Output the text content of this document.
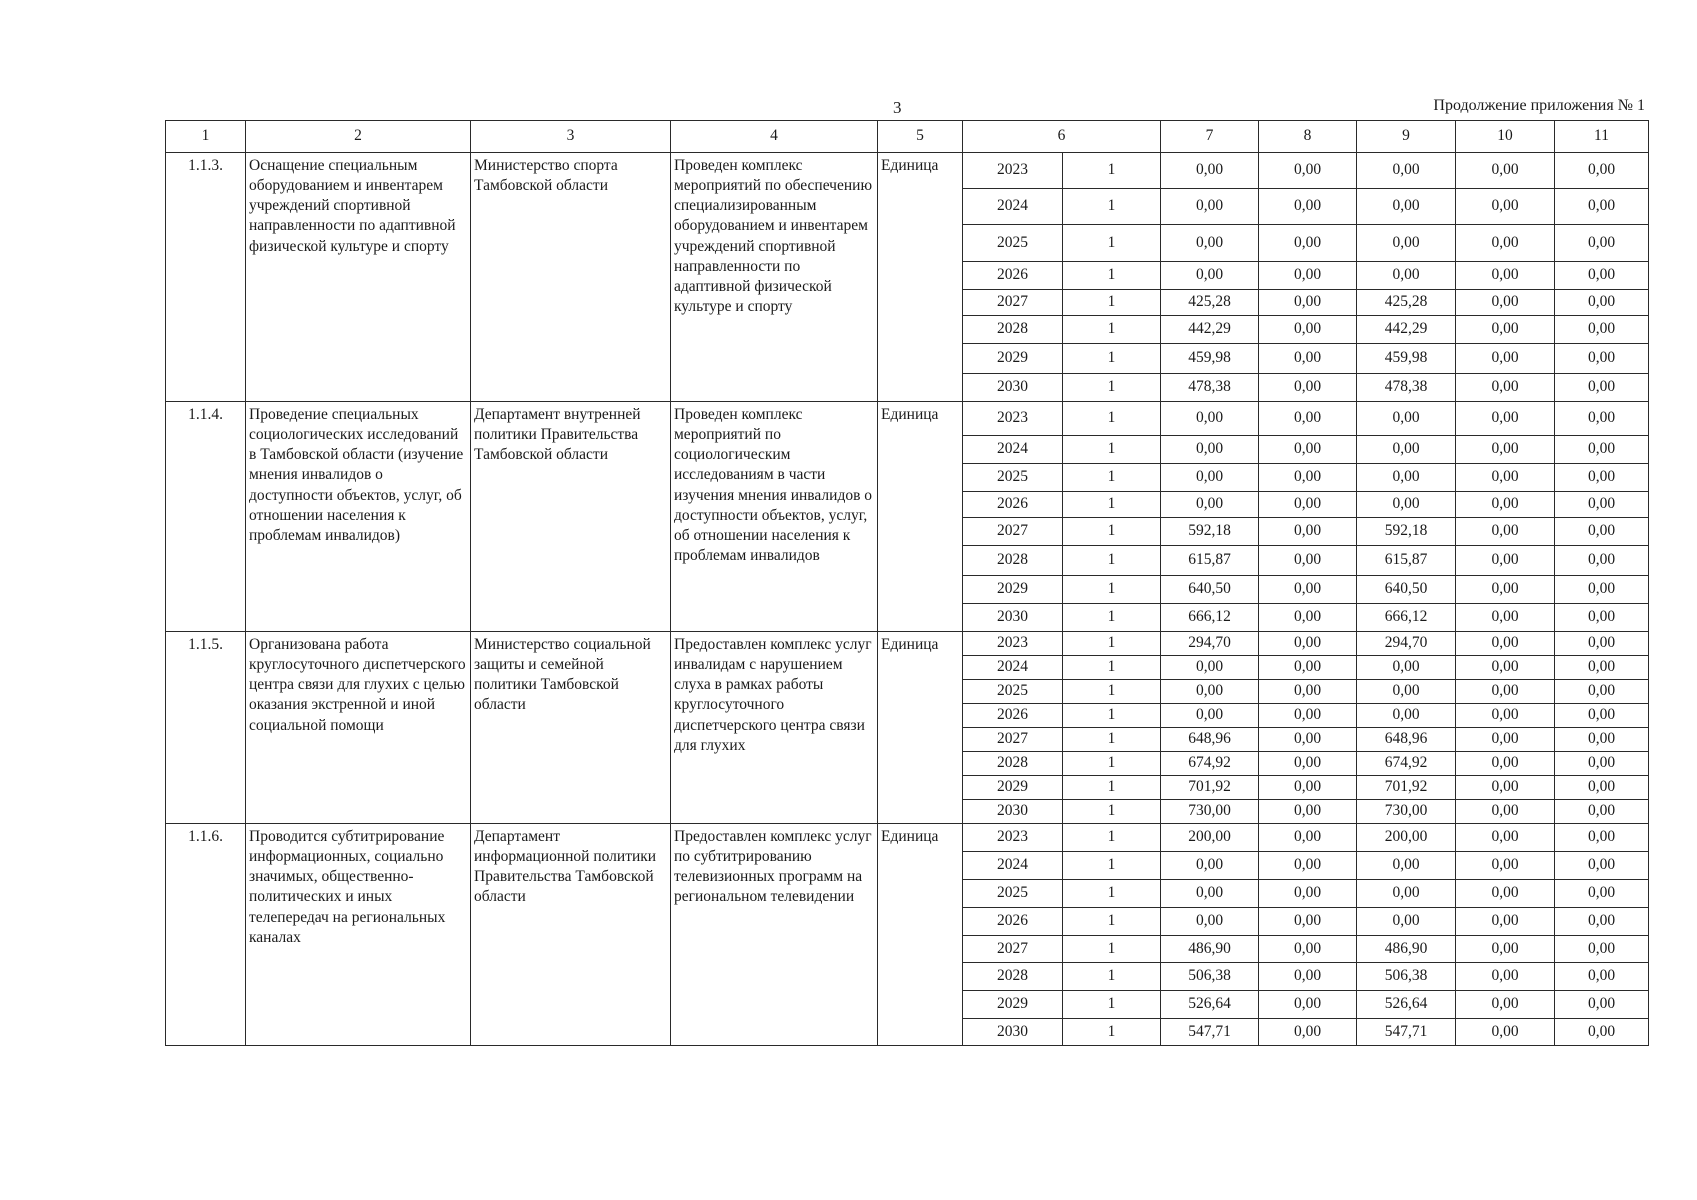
3	Продолжение приложения № 1
1	2	3	4	5	6		7	8	9	10	11
1.1.3.	Оснащение специальным оборудованием и инвентарем учреждений спортивной направленности по адаптивной физической культуре и спорту	Министерство спорта Тамбовской области	Проведен комплекс мероприятий по обеспечению специализированным оборудованием и инвентарем учреждений спортивной направленности по адаптивной физической культуре и спорту	Единица	2023	1	0,00	0,00	0,00	0,00	0,00
					2024	1	0,00	0,00	0,00	0,00	0,00
					2025	1	0,00	0,00	0,00	0,00	0,00
					2026	1	0,00	0,00	0,00	0,00	0,00
					2027	1	425,28	0,00	425,28	0,00	0,00
					2028	1	442,29	0,00	442,29	0,00	0,00
					2029	1	459,98	0,00	459,98	0,00	0,00
					2030	1	478,38	0,00	478,38	0,00	0,00
1.1.4.	Проведение специальных социологических исследований в Тамбовской области (изучение мнения инвалидов о доступности объектов, услуг, об отношении населения к проблемам инвалидов)	Департамент внутренней политики Правительства Тамбовской области	Проведен комплекс мероприятий по социологическим исследованиям в части изучения мнения инвалидов о доступности объектов, услуг, об отношении населения к проблемам инвалидов	Единица	2023	1	0,00	0,00	0,00	0,00	0,00
					2024	1	0,00	0,00	0,00	0,00	0,00
					2025	1	0,00	0,00	0,00	0,00	0,00
					2026	1	0,00	0,00	0,00	0,00	0,00
					2027	1	592,18	0,00	592,18	0,00	0,00
					2028	1	615,87	0,00	615,87	0,00	0,00
					2029	1	640,50	0,00	640,50	0,00	0,00
					2030	1	666,12	0,00	666,12	0,00	0,00
1.1.5.	Организована работа круглосуточного диспетчерского центра связи для глухих с целью оказания экстренной и иной социальной помощи	Министерство социальной защиты и семейной политики Тамбовской области	Предоставлен комплекс услуг инвалидам с нарушением слуха в рамках работы круглосуточного диспетчерского центра связи для глухих	Единица	2023	1	294,70	0,00	294,70	0,00	0,00
					2024	1	0,00	0,00	0,00	0,00	0,00
					2025	1	0,00	0,00	0,00	0,00	0,00
					2026	1	0,00	0,00	0,00	0,00	0,00
					2027	1	648,96	0,00	648,96	0,00	0,00
					2028	1	674,92	0,00	674,92	0,00	0,00
					2029	1	701,92	0,00	701,92	0,00	0,00
					2030	1	730,00	0,00	730,00	0,00	0,00
1.1.6.	Проводится субтитрирование информационных, социально значимых, общественно-политических и иных телепередач на региональных каналах	Департамент информационной политики Правительства Тамбовской области	Предоставлен комплекс услуг по субтитрированию телевизионных программ на региональном телевидении	Единица	2023	1	200,00	0,00	200,00	0,00	0,00
					2024	1	0,00	0,00	0,00	0,00	0,00
					2025	1	0,00	0,00	0,00	0,00	0,00
					2026	1	0,00	0,00	0,00	0,00	0,00
					2027	1	486,90	0,00	486,90	0,00	0,00
					2028	1	506,38	0,00	506,38	0,00	0,00
					2029	1	526,64	0,00	526,64	0,00	0,00
					2030	1	547,71	0,00	547,71	0,00	0,00
